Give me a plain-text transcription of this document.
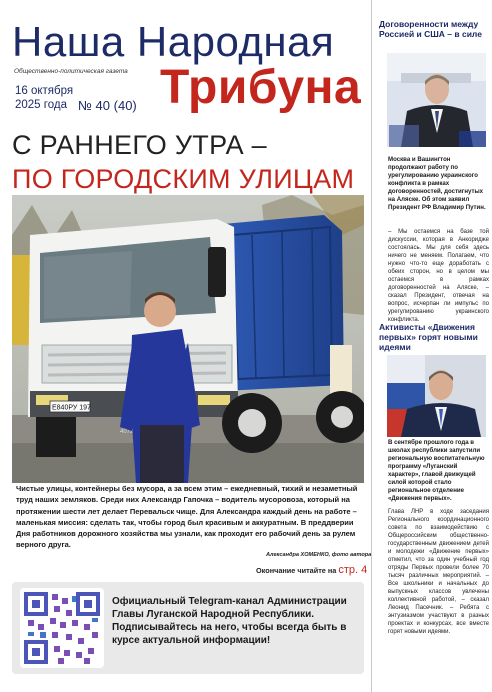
Наша Народная
Общественно-политическая газета
16 октября
2025 года № 40 (40) Трибуна
С РАННЕГО УТРА –
ПО ГОРОДСКИМ УЛИЦАМ
Е840РУ 197
4072
Чистые улицы, контейнеры без мусора, а за всем этим – ежедневный, тихий и незаметный труд наших земляков. Среди них Александр Гапочка – водитель мусоровоза, который на протяжении шести лет делает Перевальск чище. Для Александра каждый день на работе – маленькая миссия: сделать так, чтобы город был красивым и аккуратным. В преддверии Дня работников дорожного хозяйства мы узнали, как проходит его рабочий день за рулем верного друга.
Александра ХОМЕНКО, фото автора
Окончание читайте на стр. 4
Официальный Telegram-канал Администрации Главы Луганской Народной Республики. Подписывайтесь на него, чтобы всегда быть в курсе актуальной информации!
Договоренности между Россией и США – в силе
Москва и Вашингтон продолжают работу по урегулированию украинского конфликта в рамках договоренностей, достигнутых на Аляске. Об этом заявил Президент РФ Владимир Путин.
– Мы остаемся на базе той дискуссии, которая в Анкоридже состоялась. Мы для себя здесь ничего не меняем. Полагаем, что нужно что-то еще доработать с обеих сторон, но в целом мы остаемся в рамках договоренностей на Аляске, – сказал Президент, отвечая на вопрос, исчерпан ли импульс по урегулированию украинского конфликта.
Активисты «Движения первых» горят новыми идеями
В сентябре прошлого года в школах республики запустили региональную воспитательную программу «Луганский характер», главой движущей силой которой стало региональное отделение «Движения первых».
Глава ЛНР в ходе заседания Регионального координационного совета по взаимодействию с Общероссийским общественно-государственным движением детей и молодежи «Движение первых» отметил, что за один учебный год отряды Первых провели более 70 тысяч различных мероприятий. – Все школьники и начальных до выпускных классов увлечены коллективной работой, – сказал Леонид Пасечник. – Ребята с энтузиазмом участвуют в разных проектах и конкурсах, все вместе горят новыми идеями.
